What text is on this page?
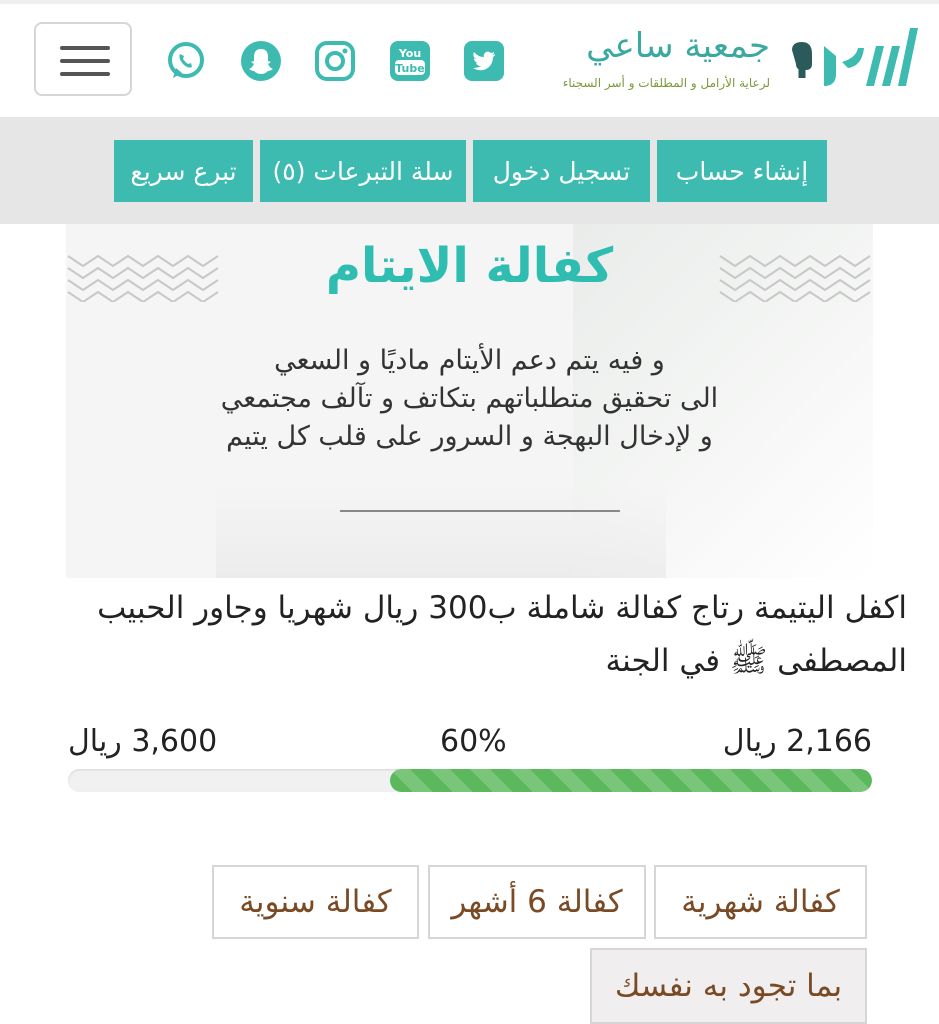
You
Tube
جمعية ساعي
لرعاية الأرامل و المطلقات و أسر السجناء
إنشاء حساب
تسجيل دخول
سلة التبرعات (٥)
تبرع سريع
كفالة الايتام
و فيه يتم دعم الأيتام ماديًا و السعي
الى تحقيق متطلباتهم بتكاتف و تآلف مجتمعي
و لإدخال البهجة و السرور على قلب كل يتيم
اكفل اليتيمة رتاج كفالة شاملة ب300 ريال شهريا وجاور الحبيب المصطفى ﷺ في الجنة
2,166 ريال
60%
3,600 ريال
كفالة شهرية
كفالة 6 أشهر
كفالة سنوية
بما تجود به نفسك
